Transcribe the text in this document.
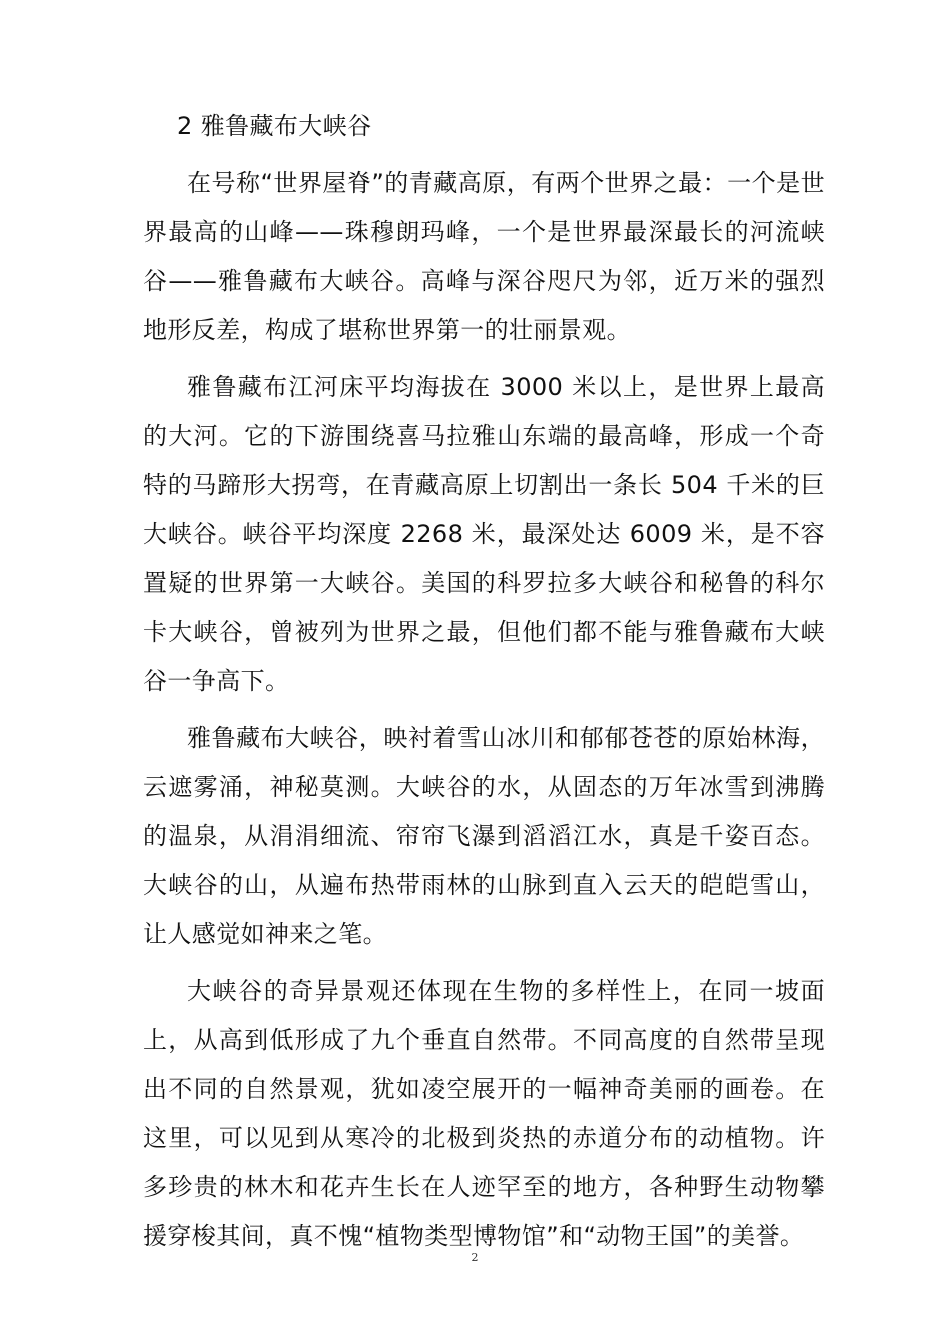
2 雅鲁藏布大峡谷

在号称“世界屋脊”的青藏高原，有两个世界之最：一个是世界最高的山峰——珠穆朗玛峰，一个是世界最深最长的河流峡谷——雅鲁藏布大峡谷。高峰与深谷咫尺为邻，近万米的强烈地形反差，构成了堪称世界第一的壮丽景观。

雅鲁藏布江河床平均海拔在 3000 米以上，是世界上最高的大河。它的下游围绕喜马拉雅山东端的最高峰，形成一个奇特的马蹄形大拐弯，在青藏高原上切割出一条长 504 千米的巨大峡谷。峡谷平均深度 2268 米，最深处达 6009 米，是不容置疑的世界第一大峡谷。美国的科罗拉多大峡谷和秘鲁的科尔卡大峡谷，曾被列为世界之最，但他们都不能与雅鲁藏布大峡谷一争高下。

雅鲁藏布大峡谷，映衬着雪山冰川和郁郁苍苍的原始林海，云遮雾涌，神秘莫测。大峡谷的水，从固态的万年冰雪到沸腾的温泉，从涓涓细流、帘帘飞瀑到滔滔江水，真是千姿百态。大峡谷的山，从遍布热带雨林的山脉到直入云天的皑皑雪山，让人感觉如神来之笔。

大峡谷的奇异景观还体现在生物的多样性上，在同一坡面上，从高到低形成了九个垂直自然带。不同高度的自然带呈现出不同的自然景观，犹如凌空展开的一幅神奇美丽的画卷。在这里，可以见到从寒冷的北极到炎热的赤道分布的动植物。许多珍贵的林木和花卉生长在人迹罕至的地方，各种野生动物攀援穿梭其间，真不愧“植物类型博物馆”和“动物王国”的美誉。

2
